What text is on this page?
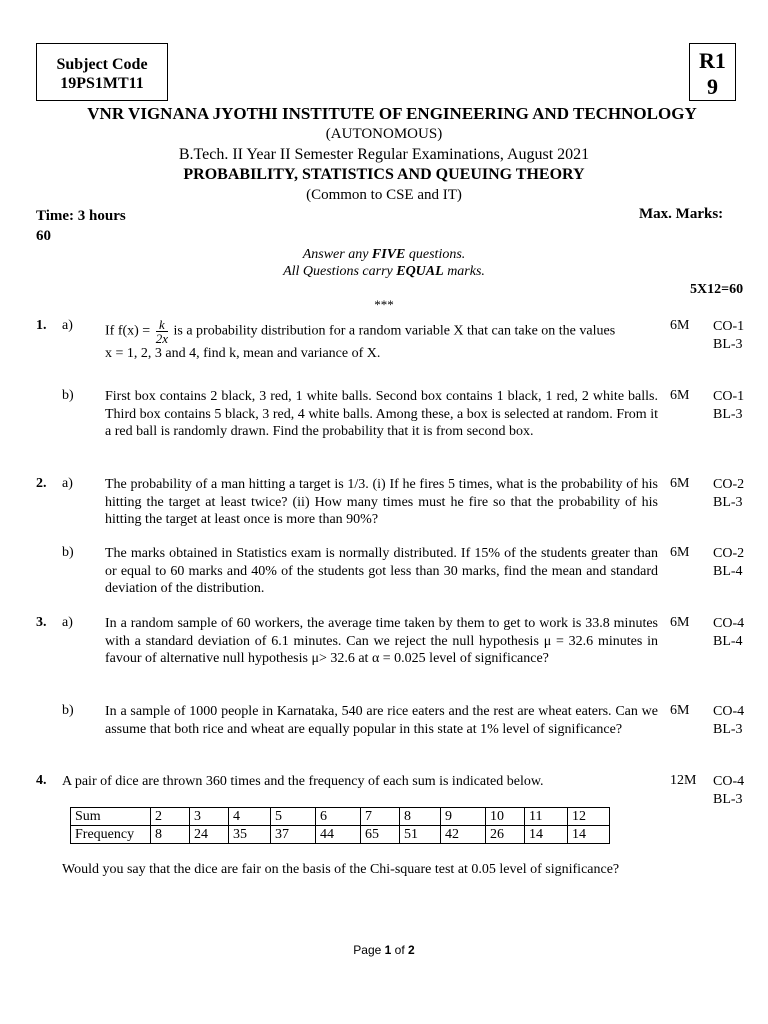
Subject Code
19PS1MT11
R1
9
VNR VIGNANA JYOTHI INSTITUTE OF ENGINEERING AND TECHNOLOGY
(AUTONOMOUS)
B.Tech. II Year II Semester Regular Examinations, August 2021
PROBABILITY, STATISTICS AND QUEUING THEORY
(Common to CSE and IT)
Time: 3 hours
60
Max. Marks:
Answer any FIVE questions.
All Questions carry EQUAL marks.
5X12=60
***
1. a) If $f(x) = \frac{k}{2x}$ is a probability distribution for a random variable X that can take on the values
x = 1, 2, 3 and 4, find k, mean and variance of X.
6M CO-1
BL-3
b) First box contains 2 black, 3 red, 1 white balls. Second box contains 1 black, 1 red, 2 white balls. Third box contains 5 black, 3 red, 4 white balls. Among these, a box is selected at random. From it a red ball is randomly drawn. Find the probability that it is from second box.
6M CO-1
BL-3
2. a) The probability of a man hitting a target is 1/3. (i) If he fires 5 times, what is the probability of his hitting the target at least twice? (ii) How many times must he fire so that the probability of his hitting the target at least once is more than 90%?
6M CO-2
BL-3
b) The marks obtained in Statistics exam is normally distributed. If 15% of the students greater than or equal to 60 marks and 40% of the students got less than 30 marks, find the mean and standard deviation of the distribution.
6M CO-2
BL-4
3. a) In a random sample of 60 workers, the average time taken by them to get to work is 33.8 minutes with a standard deviation of 6.1 minutes. Can we reject the null hypothesis μ = 32.6 minutes in favour of alternative null hypothesis μ> 32.6 at α = 0.025 level of significance?
6M CO-4
BL-4
b) In a sample of 1000 people in Karnataka, 540 are rice eaters and the rest are wheat eaters. Can we assume that both rice and wheat are equally popular in this state at 1% level of significance?
6M CO-4
BL-3
4. A pair of dice are thrown 360 times and the frequency of each sum is indicated below.	12M CO-4
BL-3
Sum	2	3	4	5	6	7	8	9	10	11	12
Frequency	8	24	35	37	44	65	51	42	26	14	14
Would you say that the dice are fair on the basis of the Chi-square test at 0.05 level of significance?
Page 1 of 2
